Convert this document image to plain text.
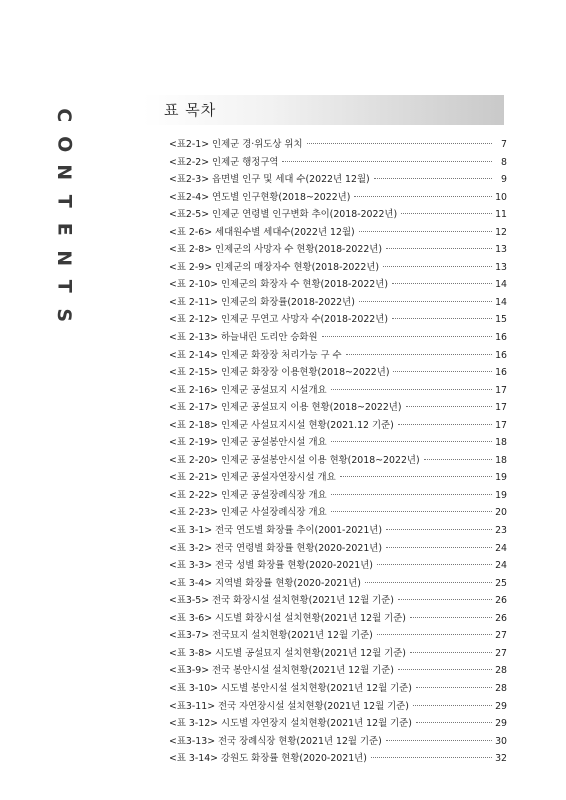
C
O
N
T
E
N
T
S
표 목차
<표2-1> 인제군 경·위도상 위치	7
<표2-2> 인제군 행정구역	8
<표2-3> 읍면별 인구 및 세대 수(2022년 12월)	9
<표2-4> 연도별 인구현황(2018~2022년)	10
<표2-5> 인제군 연령별 인구변화 추이(2018-2022년)	11
<표 2-6> 세대원수별 세대수(2022년 12월)	12
<표 2-8> 인제군의 사망자 수 현황(2018-2022년)	13
<표 2-9> 인제군의 매장자수 현황(2018-2022년)	13
<표 2-10> 인제군의 화장자 수 현황(2018-2022년)	14
<표 2-11> 인제군의 화장률(2018-2022년)	14
<표 2-12> 인제군 무연고 사망자 수(2018-2022년)	15
<표 2-13> 하늘내린 도리안 승화원	16
<표 2-14> 인제군 화장장 처리가능 구 수	16
<표 2-15> 인제군 화장장 이용현황(2018~2022년)	16
<표 2-16> 인제군 공설묘지 시설개요	17
<표 2-17> 인제군 공설묘지 이용 현황(2018~2022년)	17
<표 2-18> 인제군 사설묘지시설 현황(2021.12 기준)	17
<표 2-19> 인제군 공설봉안시설 개요	18
<표 2-20> 인제군 공설봉안시설 이용 현황(2018~2022년)	18
<표 2-21> 인제군 공설자연장시설 개요	19
<표 2-22> 인제군 공설장례식장 개요	19
<표 2-23> 인제군 사설장례식장 개요	20
<표 3-1> 전국 연도별 화장률 추이(2001-2021년)	23
<표 3-2> 전국 연령별 화장률 현황(2020-2021년)	24
<표 3-3> 전국 성별 화장률 현황(2020-2021년)	24
<표 3-4> 지역별 화장률 현황(2020-2021년)	25
<표3-5> 전국 화장시설 설치현황(2021년 12월 기준)	26
<표 3-6> 시도별 화장시설 설치현황(2021년 12월 기준)	26
<표3-7> 전국묘지 설치현황(2021년 12월 기준)	27
<표 3-8> 시도별 공설묘지 설치현황(2021년 12월 기준)	27
<표3-9> 전국 봉안시설 설치현황(2021년 12월 기준)	28
<표 3-10> 시도별 봉안시설 설치현황(2021년 12월 기준)	28
<표3-11> 전국 자연장시설 설치현황(2021년 12월 기준)	29
<표 3-12> 시도별 자연장지 설치현황(2021년 12월 기준)	29
<표3-13> 전국 장례식장 현황(2021년 12월 기준)	30
<표 3-14> 강원도 화장률 현황(2020-2021년)	32
